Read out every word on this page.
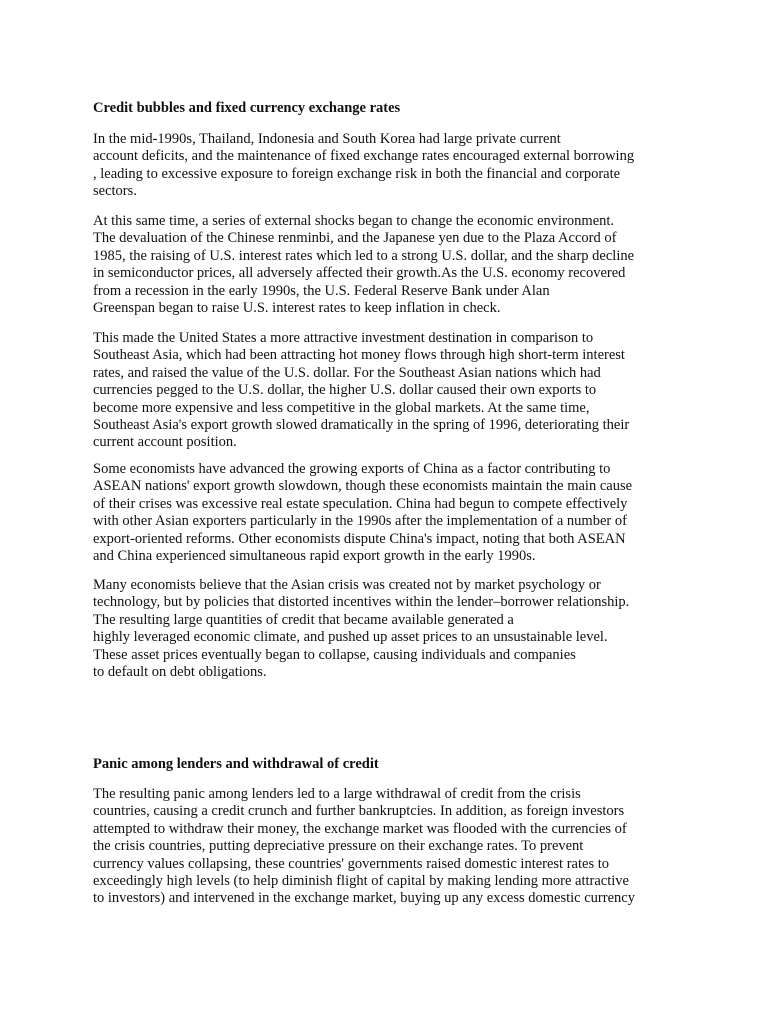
Credit bubbles and fixed currency exchange rates
In the mid-1990s, Thailand, Indonesia and South Korea had large private current
account deficits, and the maintenance of fixed exchange rates encouraged external borrowing
, leading to excessive exposure to foreign exchange risk in both the financial and corporate
sectors.
At this same time, a series of external shocks began to change the economic environment.
The devaluation of the Chinese renminbi, and the Japanese yen due to the Plaza Accord of
1985, the raising of U.S. interest rates which led to a strong U.S. dollar, and the sharp decline
in semiconductor prices, all adversely affected their growth.As the U.S. economy recovered
from a recession in the early 1990s, the U.S. Federal Reserve Bank under Alan
Greenspan began to raise U.S. interest rates to keep inflation in check.
This made the United States a more attractive investment destination in comparison to
Southeast Asia, which had been attracting hot money flows through high short-term interest
rates, and raised the value of the U.S. dollar. For the Southeast Asian nations which had
currencies pegged to the U.S. dollar, the higher U.S. dollar caused their own exports to
become more expensive and less competitive in the global markets. At the same time,
Southeast Asia's export growth slowed dramatically in the spring of 1996, deteriorating their
current account position.
Some economists have advanced the growing exports of China as a factor contributing to
ASEAN nations' export growth slowdown, though these economists maintain the main cause
of their crises was excessive real estate speculation. China had begun to compete effectively
with other Asian exporters particularly in the 1990s after the implementation of a number of
export-oriented reforms. Other economists dispute China's impact, noting that both ASEAN
and China experienced simultaneous rapid export growth in the early 1990s.
Many economists believe that the Asian crisis was created not by market psychology or
technology, but by policies that distorted incentives within the lender–borrower relationship.
The resulting large quantities of credit that became available generated a
highly leveraged economic climate, and pushed up asset prices to an unsustainable level.
These asset prices eventually began to collapse, causing individuals and companies
to default on debt obligations.
Panic among lenders and withdrawal of credit
The resulting panic among lenders led to a large withdrawal of credit from the crisis
countries, causing a credit crunch and further bankruptcies. In addition, as foreign investors
attempted to withdraw their money, the exchange market was flooded with the currencies of
the crisis countries, putting depreciative pressure on their exchange rates. To prevent
currency values collapsing, these countries' governments raised domestic interest rates to
exceedingly high levels (to help diminish flight of capital by making lending more attractive
to investors) and intervened in the exchange market, buying up any excess domestic currency
